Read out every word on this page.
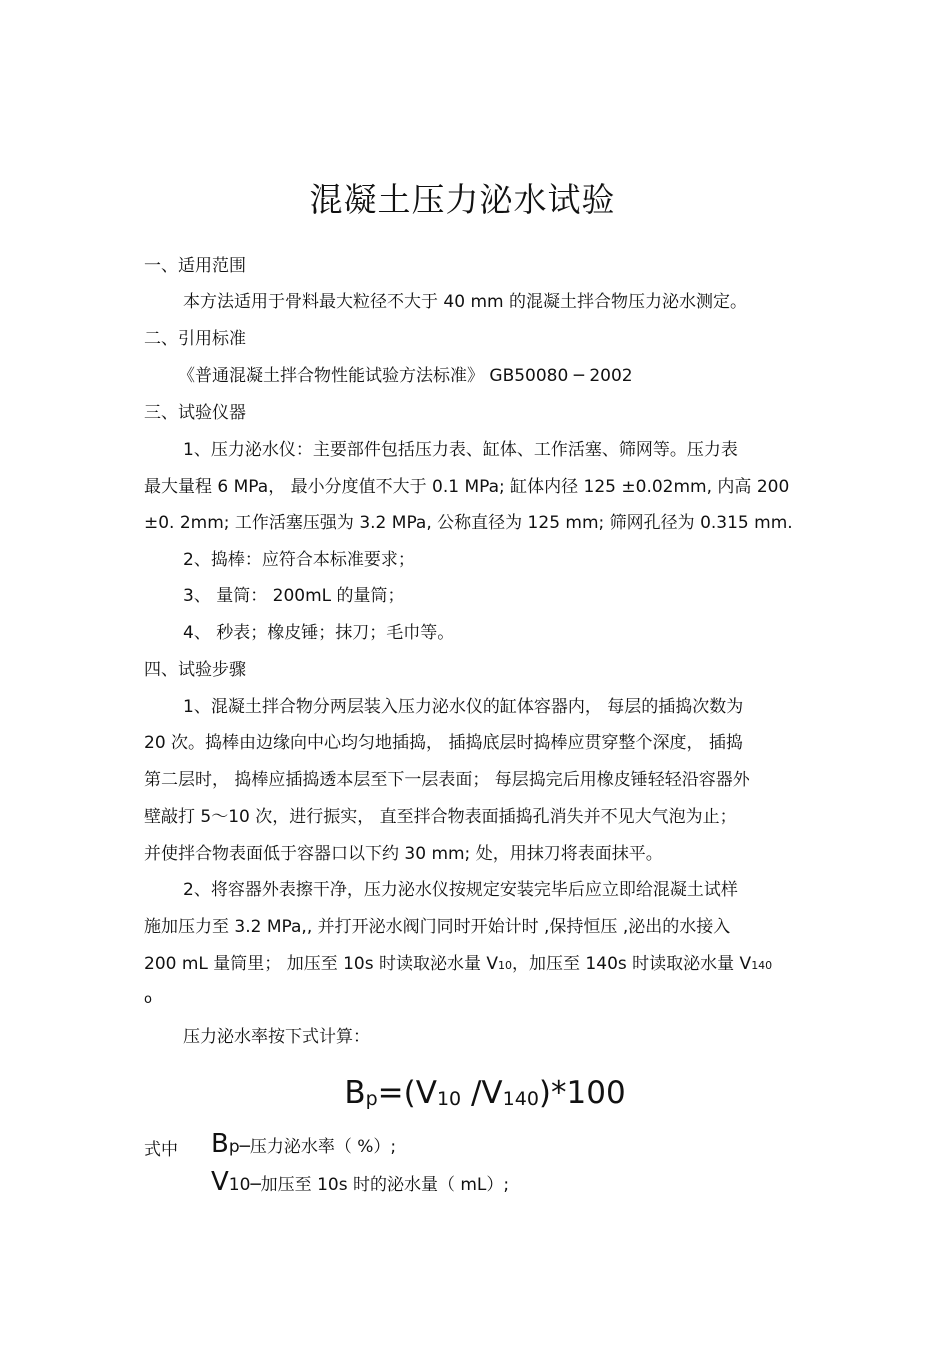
混凝土压力泌水试验
一、适用范围
本方法适用于骨料最大粒径不大于 40 mm 的混凝土拌合物压力泌水测定。
二、引用标准
《普通混凝土拌合物性能试验方法标准》 GB50080 ─ 2002
三、试验仪器
1、压力泌水仪：主要部件包括压力表、缸体、工作活塞、筛网等。压力表
最大量程 6 MPa， 最小分度值不大于 0.1 MPa; 缸体内径 125 ±0.02mm, 内高 200
±0. 2mm; 工作活塞压强为 3.2 MPa, 公称直径为 125 mm; 筛网孔径为 0.315 mm.
2、捣棒：应符合本标准要求；
3、 量筒： 200mL 的量筒；
4、 秒表；橡皮锤；抹刀；毛巾等。
四、试验步骤
1、混凝土拌合物分两层装入压力泌水仪的缸体容器内， 每层的插捣次数为
20 次。捣棒由边缘向中心均匀地插捣， 插捣底层时捣棒应贯穿整个深度， 插捣
第二层时， 捣棒应插捣透本层至下一层表面； 每层捣完后用橡皮锤轻轻沿容器外
壁敲打 5～10 次，进行振实， 直至拌合物表面插捣孔消失并不见大气泡为止；
并使拌合物表面低于容器口以下约 30 mm; 处，用抹刀将表面抹平。
2、将容器外表擦干净，压力泌水仪按规定安装完毕后应立即给混凝土试样
施加压力至 3.2 MPa,, 并打开泌水阀门同时开始计时 ,保持恒压 ,泌出的水接入
200 mL 量筒里； 加压至 10s 时读取泌水量 V10，加压至 140s 时读取泌水量 V140
o
压力泌水率按下式计算：
$B_p=(V_{10}$ $/V_{140})*100$
式中 Bp─压力泌水率（ %）;
V10─加压至 10s 时的泌水量（ mL）;
